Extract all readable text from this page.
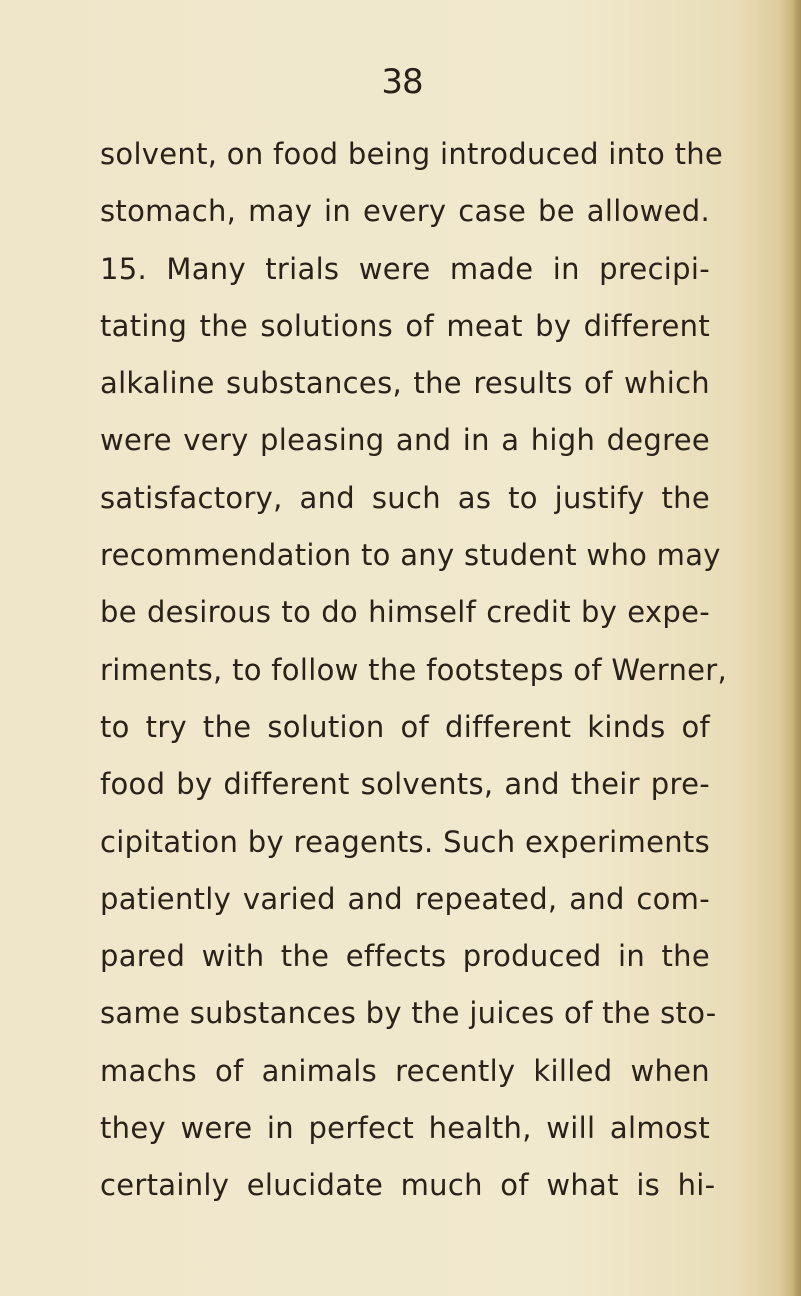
38
solvent, on food being introduced into the
stomach, may in every case be allowed.
15. Many trials were made in precipi-
tating the solutions of meat by different
alkaline substances, the results of which
were very pleasing and in a high degree
satisfactory, and such as to justify the
recommendation to any student who may
be desirous to do himself credit by expe-
riments, to follow the footsteps of Werner,
to try the solution of different kinds of
food by different solvents, and their pre-
cipitation by reagents. Such experiments
patiently varied and repeated, and com-
pared with the effects produced in the
same substances by the juices of the sto-
machs of animals recently killed when
they were in perfect health, will almost
certainly elucidate much of what is hi-
